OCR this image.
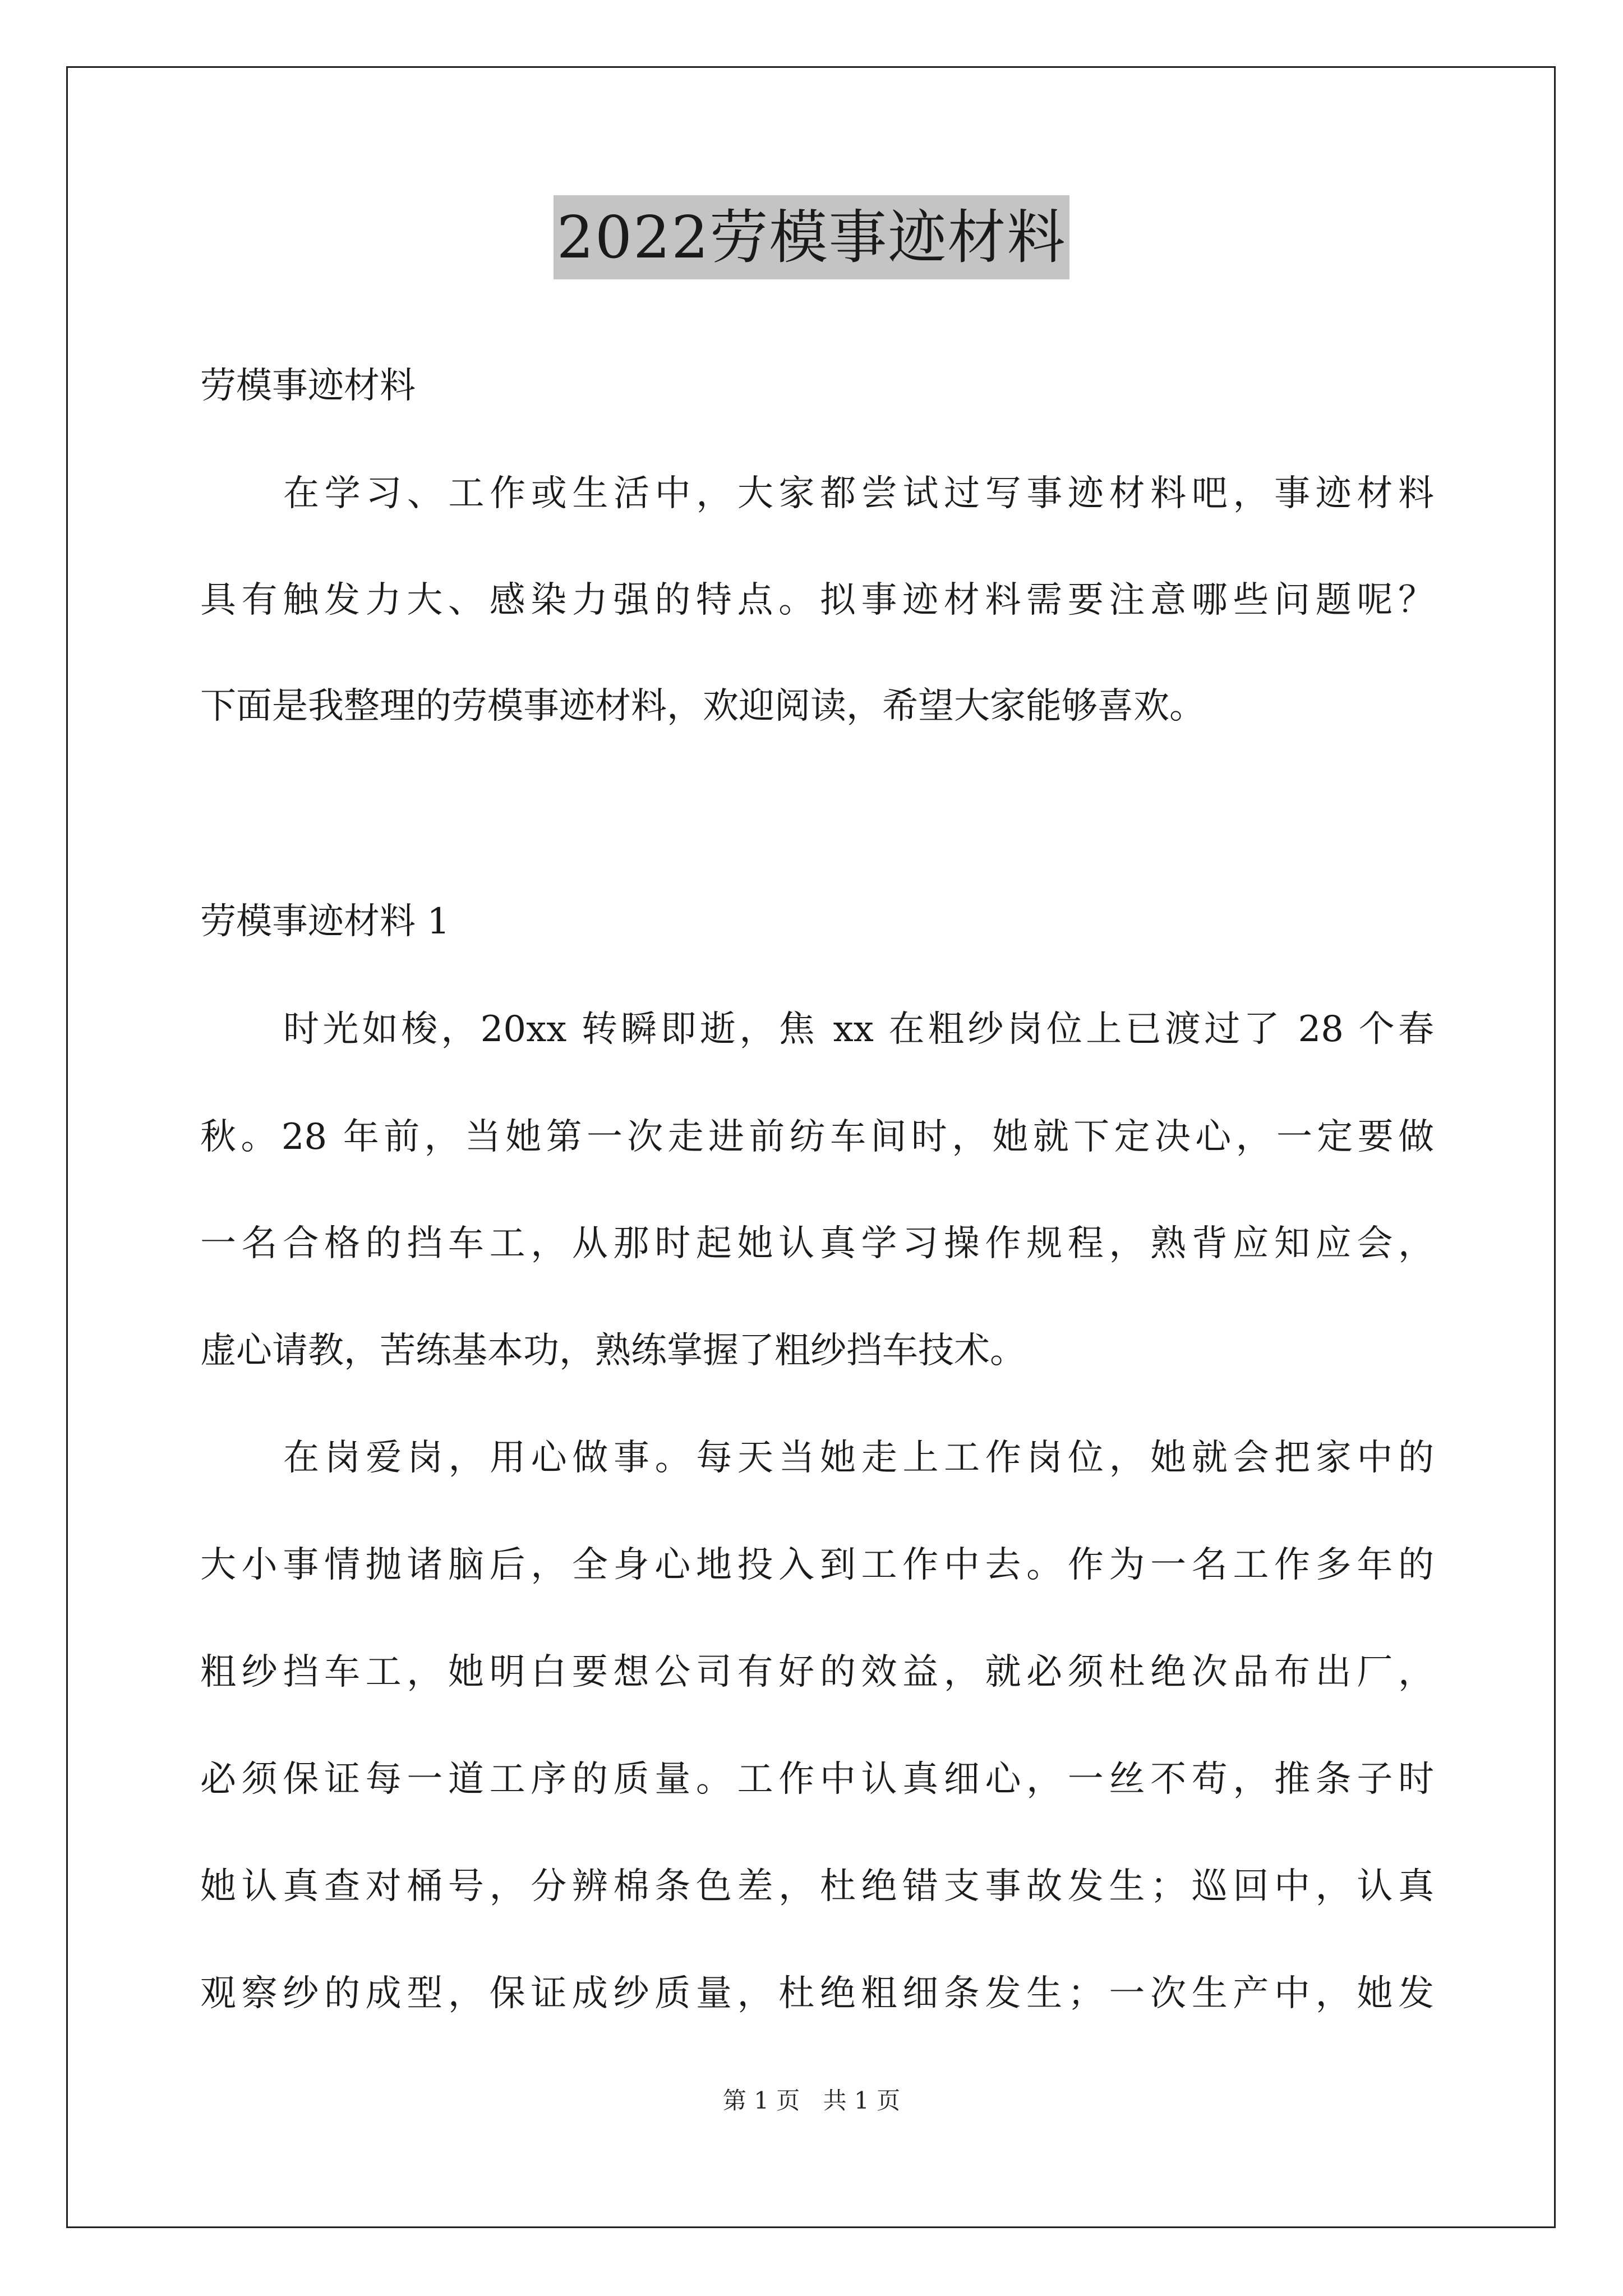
2022劳模事迹材料
劳模事迹材料
在学习、工作或生活中，大家都尝试过写事迹材料吧，事迹材料
具有触发力大、感染力强的特点。拟事迹材料需要注意哪些问题呢？
下面是我整理的劳模事迹材料，欢迎阅读，希望大家能够喜欢。
劳模事迹材料 1
时光如梭，20xx 转瞬即逝，焦 xx 在粗纱岗位上已渡过了 28 个春
秋。28 年前，当她第一次走进前纺车间时，她就下定决心，一定要做
一名合格的挡车工，从那时起她认真学习操作规程，熟背应知应会，
虚心请教，苦练基本功，熟练掌握了粗纱挡车技术。
在岗爱岗，用心做事。每天当她走上工作岗位，她就会把家中的
大小事情抛诸脑后，全身心地投入到工作中去。作为一名工作多年的
粗纱挡车工，她明白要想公司有好的效益，就必须杜绝次品布出厂，
必须保证每一道工序的质量。工作中认真细心，一丝不苟，推条子时
她认真查对桶号，分辨棉条色差，杜绝错支事故发生；巡回中，认真
观察纱的成型，保证成纱质量，杜绝粗细条发生；一次生产中，她发
第 1 页 共 1 页
